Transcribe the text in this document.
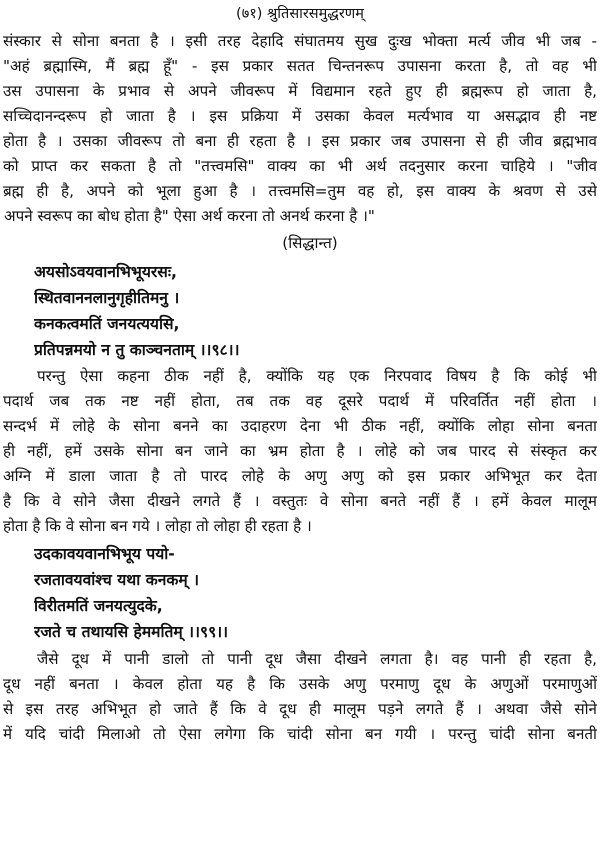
(७१) श्रुतिसारसमुद्धरणम्
संस्कार से सोना बनता है । इसी तरह देहादि संघातमय सुख दुःख भोक्ता मर्त्य जीव भी जब -
"अहं ब्रह्मास्मि, मैं ब्रह्म हूँ" - इस प्रकार सतत चिन्तनरूप उपासना करता है, तो वह भी
उस उपासना के प्रभाव से अपने जीवरूप में विद्यमान रहते हुए ही ब्रह्मरूप हो जाता है,
सच्चिदानन्दरूप हो जाता है । इस प्रक्रिया में उसका केवल मर्त्यभाव या असद्भाव ही नष्ट
होता है । उसका जीवरूप तो बना ही रहता है । इस प्रकार जब उपासना से ही जीव ब्रह्मभाव
को प्राप्त कर सकता है तो "तत्त्वमसि" वाक्य का भी अर्थ तदनुसार करना चाहिये । "जीव
ब्रह्म ही है, अपने को भूला हुआ है । तत्त्वमसि=तुम वह हो, इस वाक्य के श्रवण से उसे
अपने स्वरूप का बोध होता है" ऐसा अर्थ करना तो अनर्थ करना है ।"
(सिद्धान्त)
अयसोऽवयवानभिभूयरसः,
स्थितवाननलानुगृहीतिमनु ।
कनकत्वमतिं जनयत्ययसि,
प्रतिपन्नमयो न तु काञ्चनताम् ।।९८।।
परन्तु ऐसा कहना ठीक नहीं है, क्योंकि यह एक निरपवाद विषय है कि कोई भी
पदार्थ जब तक नष्ट नहीं होता, तब तक वह दूसरे पदार्थ में परिवर्तित नहीं होता ।
सन्दर्भ में लोहे के सोना बनने का उदाहरण देना भी ठीक नहीं, क्योंकि लोहा सोना बनता
ही नहीं, हमें उसके सोना बन जाने का भ्रम होता है । लोहे को जब पारद से संस्कृत कर
अग्नि में डाला जाता है तो पारद लोहे के अणु अणु को इस प्रकार अभिभूत कर देता
है कि वे सोने जैसा दीखने लगते हैं । वस्तुतः वे सोना बनते नहीं हैं । हमें केवल मालूम
होता है कि वे सोना बन गये । लोहा तो लोहा ही रहता है ।
उदकावयवानभिभूय पयो-
रजतावयवांश्च यथा कनकम् ।
विरीतमतिं जनयत्युदके,
रजते च तथायसि हेममतिम् ।।९९।।
जैसे दूध में पानी डालो तो पानी दूध जैसा दीखने लगता है। वह पानी ही रहता है,
दूध नहीं बनता । केवल होता यह है कि उसके अणु परमाणु दूध के अणुओं परमाणुओं
से इस तरह अभिभूत हो जाते हैं कि वे दूध ही मालूम पड़ने लगते हैं । अथवा जैसे सोने
में यदि चांदी मिलाओ तो ऐसा लगेगा कि चांदी सोना बन गयी । परन्तु चांदी सोना बनती
